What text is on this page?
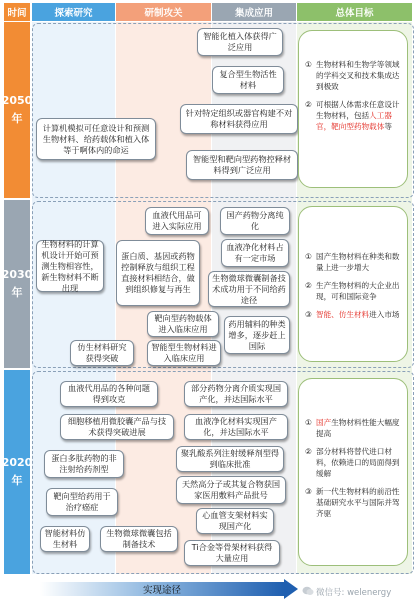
时间	探索研究	研制攻关	集成应用	总体目标
2050
年
2030
年
2020
年
智能化植入体获得广泛应用
复合型生物活性材料
针对特定组织或器官构建不对称材料获得应用
计算机模拟可任意设计和预测生物材料、给药载体和植入体等于啊体内的命运
智能型和靶向型药物控释材料得到广泛应用

① 生物材料和生物学等领域的学科交叉和技术集成达到极致

② 可根据人体需求任意设计生物材料，包括人工器官，靶向型药物载体等

血液代用品可进入实际应用
国产药物分离纯化
生物材料的计算机设计开始可预测生物相容性，新生物材料不断出现
蛋白质、基因或药物控制释放与组织工程直接材料相结合，做到组织修复与再生
血液净化材料占有一定市场
生物微球微囊制备技术成功用于不同给药途径
靶向型药物载体进入临床应用
药用辅料的种类增多，逐步赶上国际
仿生材料研究获得突破
智能型生物材料进入临床应用

① 国产生物材料在种类和数量上进一步增大

② 生产生物材料的大企业出现，可和国际竞争

③ 智能、仿生材料进入市场

血液代用品的各种问题得到攻克
部分药物分离介质实现国产化，并达国际水平
细胞移植用微胶囊产品与技术获得突破进展
血液净化材料实现国产化，并达国际水平
蛋白多肽药物的非注射给药剂型
聚乳酸系列注射缓释剂型得到临床批准
靶向型给药用于治疗癌症
天然高分子或其复合物获国家医用敷料产品批号
心血管支架材料实现国产化
智能材料仿生材料
生物微球微囊包括制备技术	Ti合金等骨架材料获得大量应用

① 国产生物材料性能大幅度提高

② 部分材料将替代进口材料，依赖进口的局面得到缓解

③ 新一代生物材料的前沿性基础研究水平与国际并驾齐驱

实现途径	微信号: welenergy
